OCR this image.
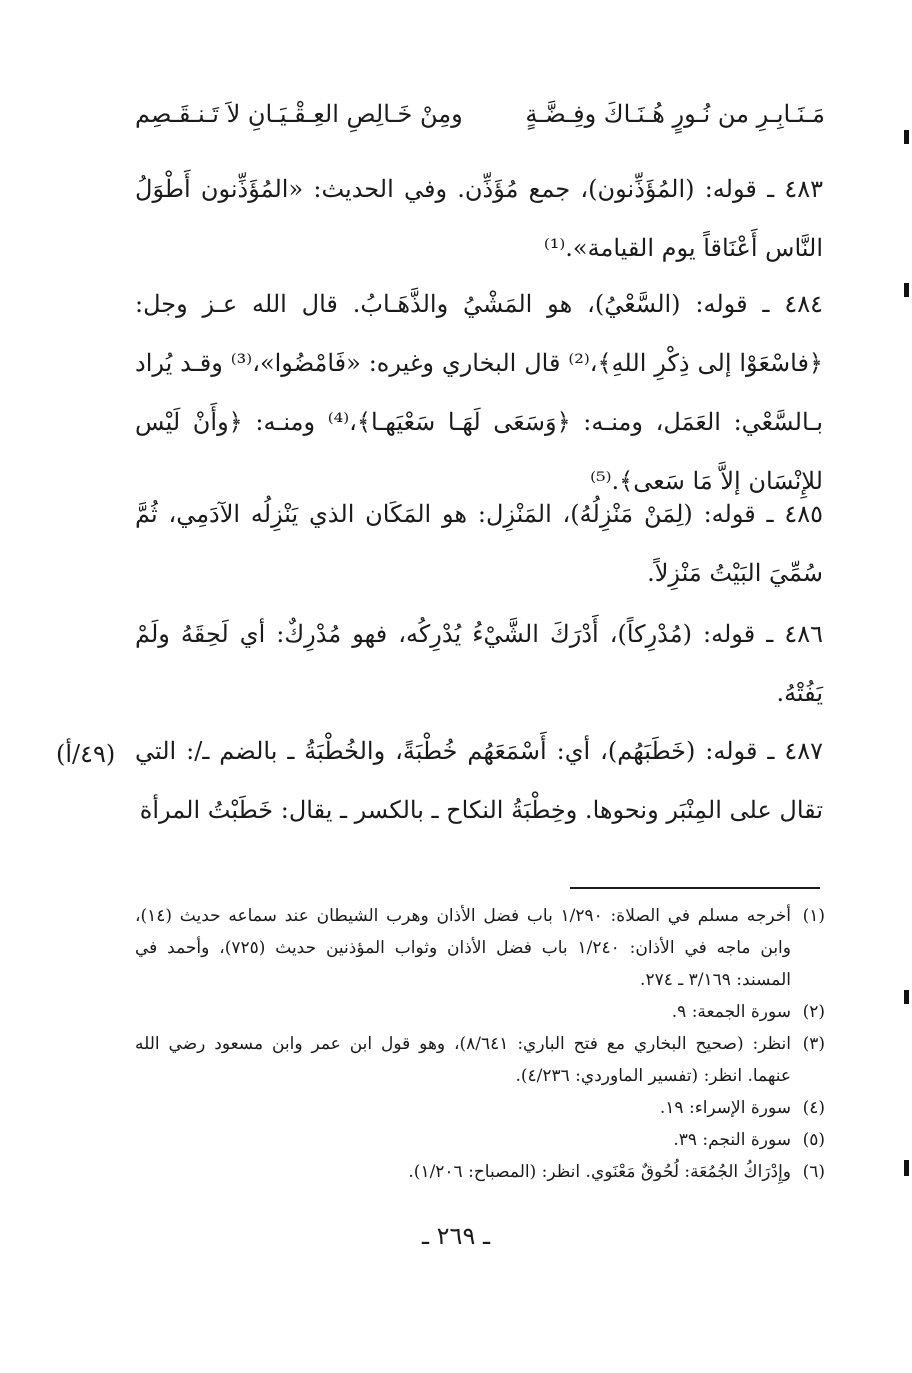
مَـنَـابِـرِ من نُـورٍ هُـنَـاكَ وفِـضَّـةٍ
ومِنْ خَـالِصِ العِـقْـيَـانِ لاَ تَـنـقَـصِم
٤٨٣ ـ قوله: (المُؤَذِّنون)، جمع مُؤَذِّن. وفي الحديث: «المُؤَذِّنون أَطْوَلُ النَّاس أَعْنَاقاً يوم القيامة».⁽¹⁾
٤٨٤ ـ قوله: (السَّعْيُ)، هو المَشْيُ والذَّهَـابُ. قال الله عـز وجل: ﴿فاسْعَوْا إلى ذِكْرِ اللهِ﴾،⁽²⁾ قال البخاري وغيره: «فَامْضُوا»،⁽³⁾ وقـد يُراد بـالسَّعْي: العَمَل، ومنـه: ﴿وَسَعَى لَهَـا سَعْيَهـا﴾،⁽⁴⁾ ومنـه: ﴿وأَنْ لَيْس للإِنْسَان إلاَّ مَا سَعى﴾.⁽⁵⁾
٤٨٥ ـ قوله: (لِمَنْ مَنْزِلُهُ)، المَنْزِل: هو المَكَان الذي يَنْزِلُه الآدَمِي، ثُمَّ سُمِّيَ البَيْتُ مَنْزِلاً.
٤٨٦ ـ قوله: (مُدْرِكاً)، أَدْرَكَ الشَّيْءُ يُدْرِكُه، فهو مُدْرِكٌ: أي لَحِقَهُ ولَمْ يَفُتْهُ.
٤٨٧ ـ قوله: (خَطَبَهُم)، أي: أَسْمَعَهُم خُطْبَةً، والخُطْبَةُ ـ بالضم ـ/: التي تقال على المِنْبَر ونحوها. وخِطْبَةُ النكاح ـ بالكسر ـ يقال: خَطَبْتُ المرأة
(٤٩/أ)
(١)
أخرجه مسلم في الصلاة: ١/٢٩٠ باب فضل الأذان وهرب الشيطان عند سماعه حديث (١٤)، وابن ماجه في الأذان: ١/٢٤٠ باب فضل الأذان وثواب المؤذنين حديث (٧٢٥)، وأحمد في المسند: ٣/١٦٩ ـ ٢٧٤.
(٢)
سورة الجمعة: ٩.
(٣)
انظر: (صحيح البخاري مع فتح الباري: ٨/٦٤١)، وهو قول ابن عمر وابن مسعود رضي الله عنهما. انظر: (تفسير الماوردي: ٤/٢٣٦).
(٤)
سورة الإسراء: ١٩.
(٥)
سورة النجم: ٣٩.
(٦)
وإِدْرَاكُ الجُمُعَة: لُحُوقٌ مَعْنَوي. انظر: (المصباح: ١/٢٠٦).
ـ ٢٦٩ ـ
